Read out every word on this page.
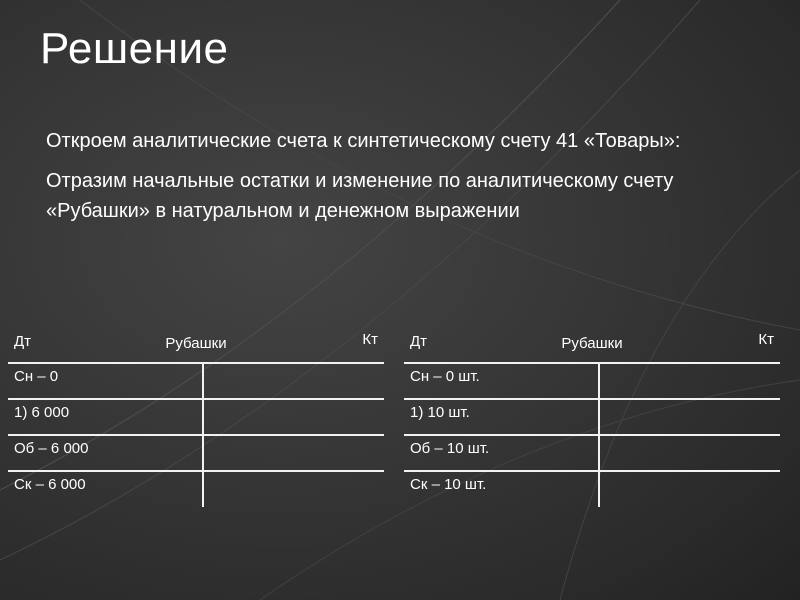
Решение

Откроем аналитические счета к синтетическому счету 41 «Товары»:

Отразим начальные остатки и изменение по аналитическому счету «Рубашки» в натуральном и денежном выражении

Дт	Рубашки	Кт
Сн – 0
1) 6 000
Об – 6 000
Ск – 6 000
Дт	Рубашки	Кт
Сн – 0 шт.
1) 10 шт.
Об – 10 шт.
Ск – 10 шт.
